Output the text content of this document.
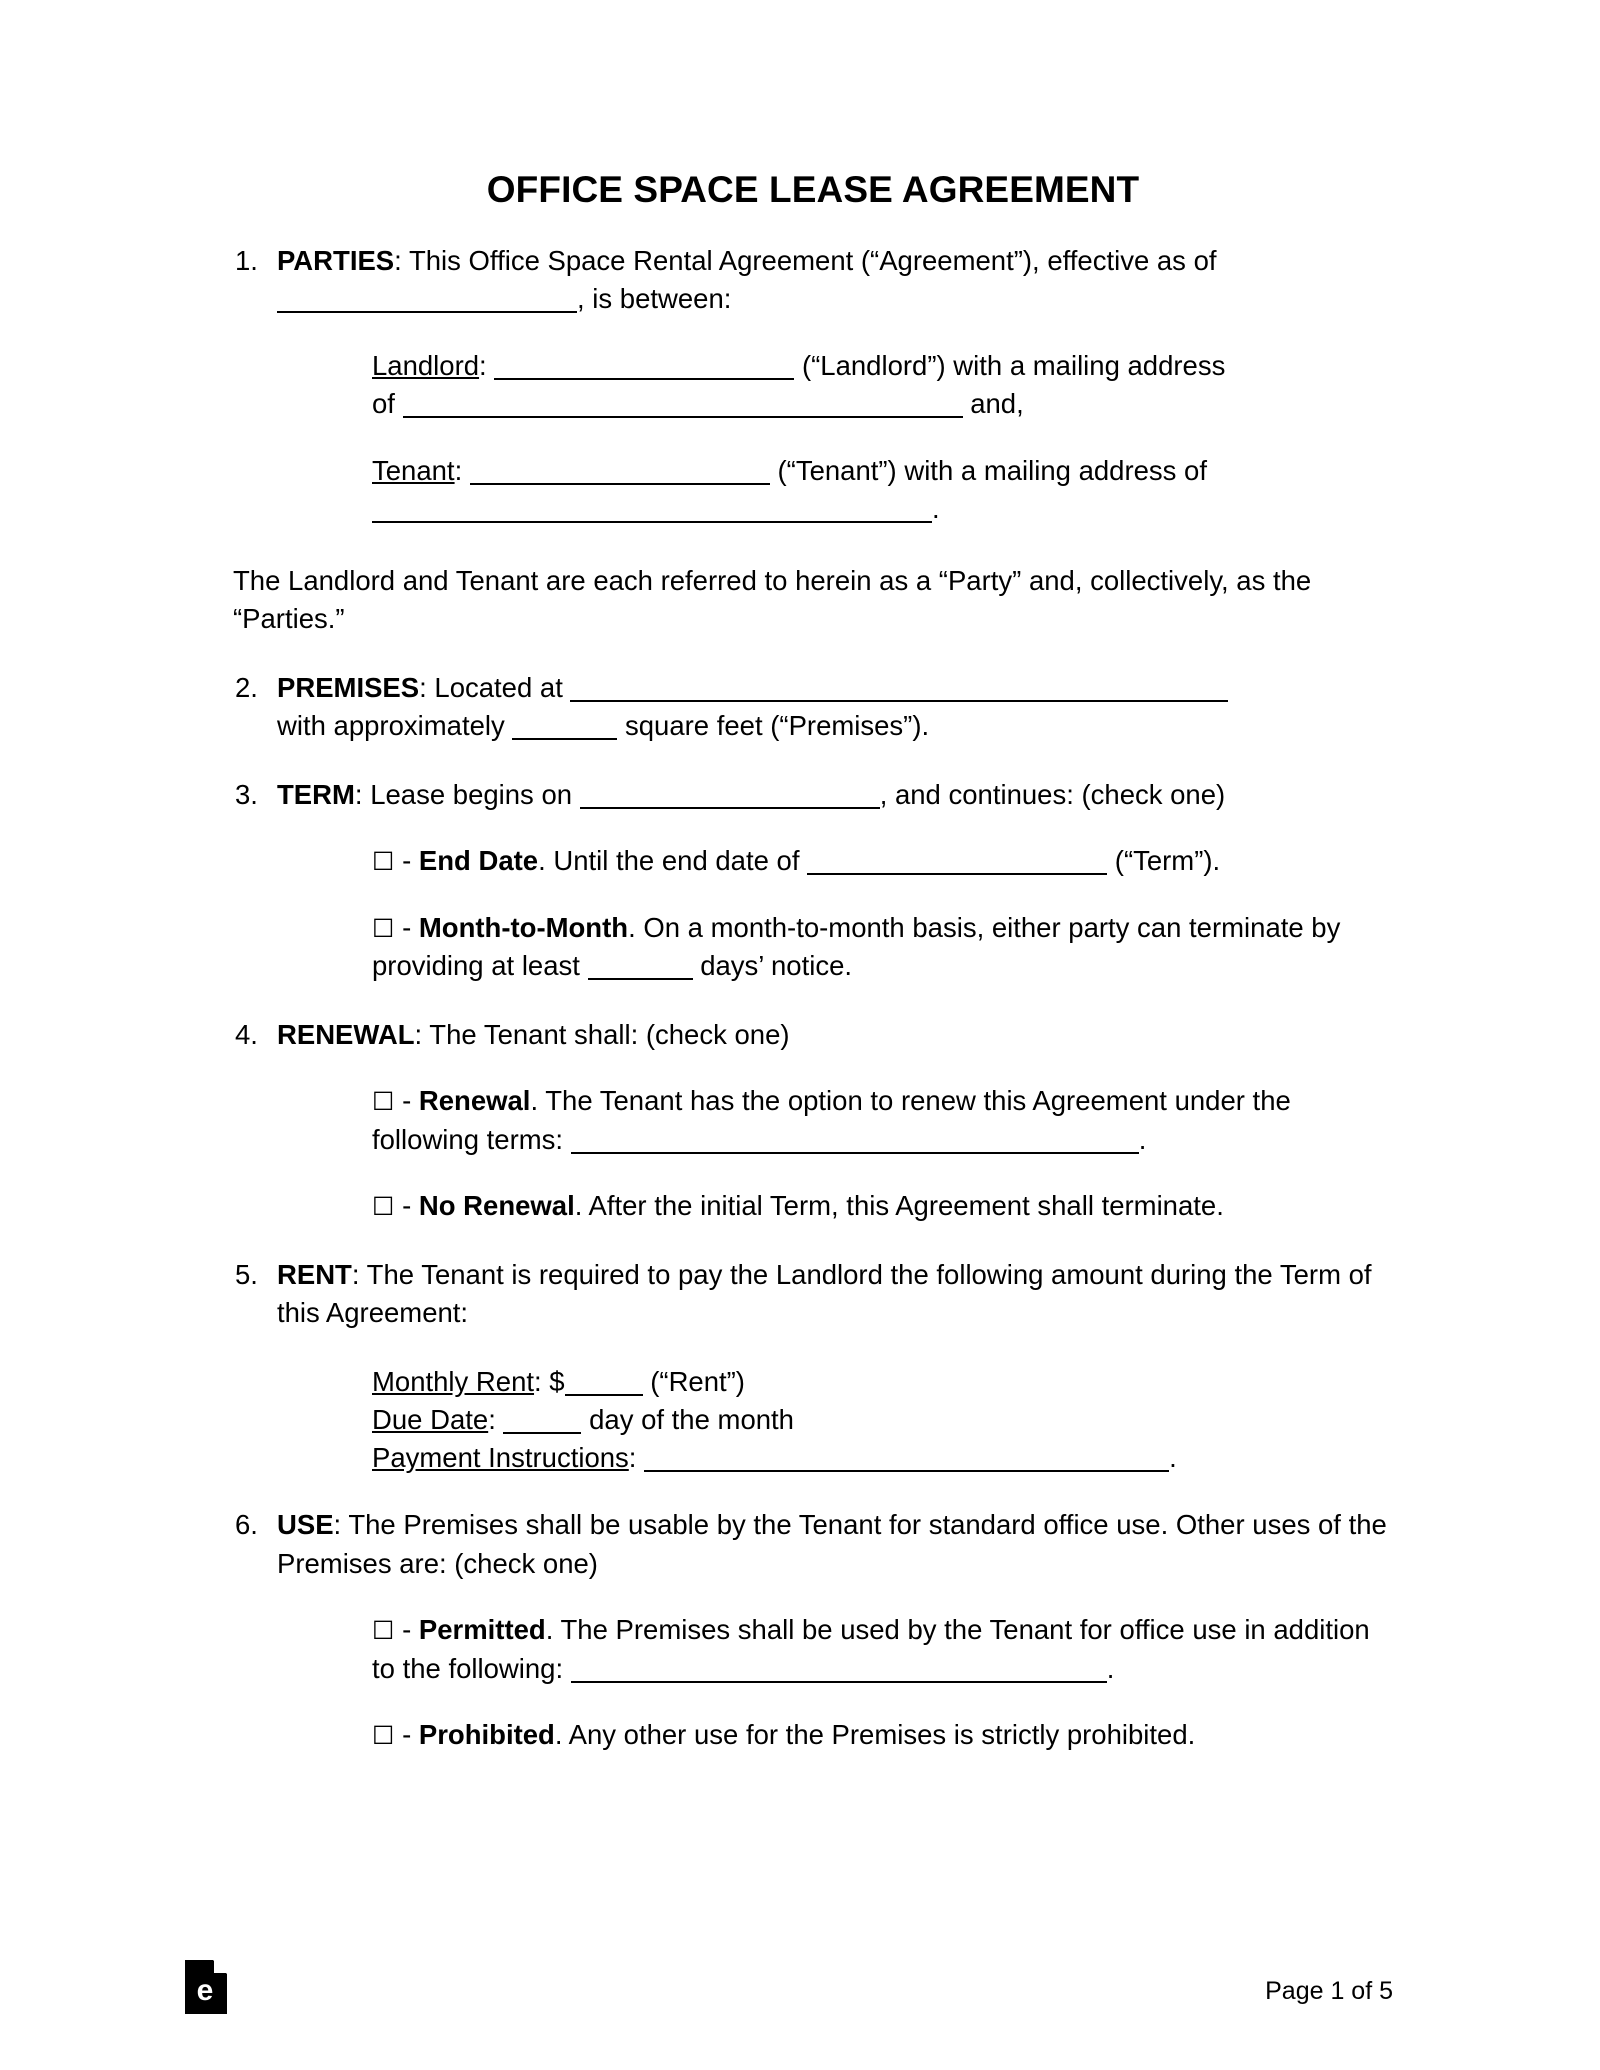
OFFICE SPACE LEASE AGREEMENT
1. PARTIES: This Office Space Rental Agreement (“Agreement”), effective as of
, is between:
Landlord:	(“Landlord”) with a mailing address
of	and,
Tenant:	(“Tenant”) with a mailing address of
.
The Landlord and Tenant are each referred to herein as a “Party” and, collectively, as the “Parties.”
2. PREMISES: Located at
with approximately	square feet (“Premises”).
3. TERM: Lease begins on	, and continues: (check one)
☐ - End Date. Until the end date of	(“Term”).
☐ - Month-to-Month. On a month-to-month basis, either party can terminate by providing at least	days’ notice.
4. RENEWAL: The Tenant shall: (check one)
☐ - Renewal. The Tenant has the option to renew this Agreement under the following terms:	.
☐ - No Renewal. After the initial Term, this Agreement shall terminate.
5. RENT: The Tenant is required to pay the Landlord the following amount during the Term of this Agreement:
Monthly Rent: $	(“Rent”)
Due Date:	day of the month
Payment Instructions:	.
6. USE: The Premises shall be usable by the Tenant for standard office use. Other uses of the Premises are: (check one)
☐ - Permitted. The Premises shall be used by the Tenant for office use in addition to the following:	.
☐ - Prohibited. Any other use for the Premises is strictly prohibited.
e	Page 1 of 5
